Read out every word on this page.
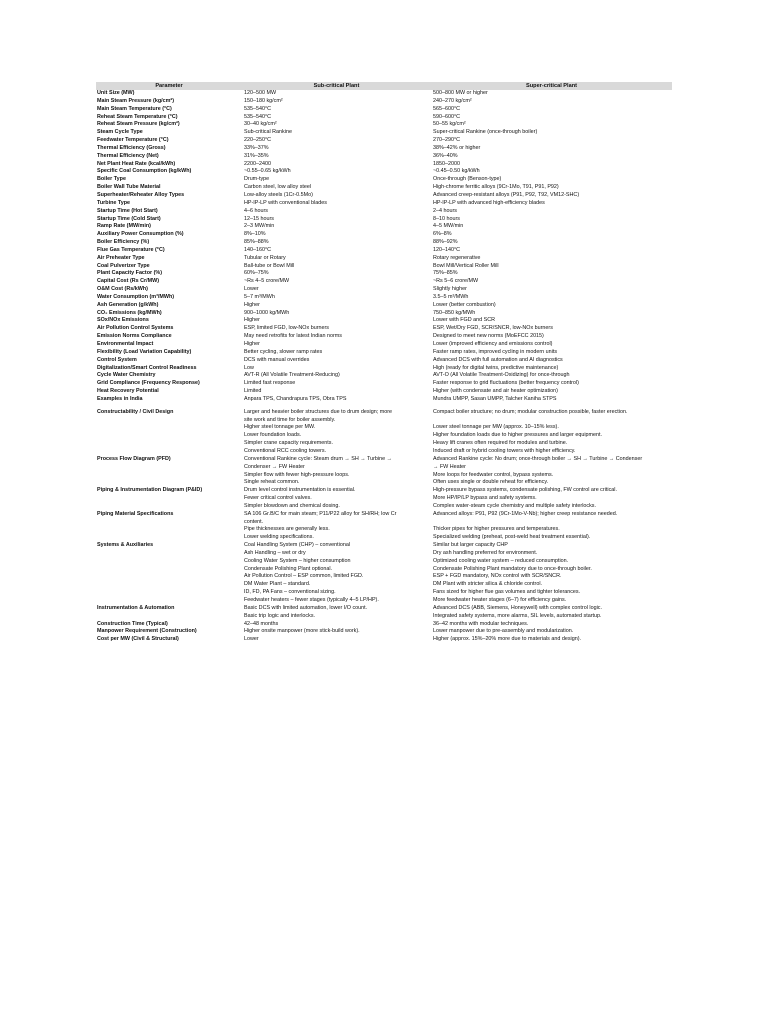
Parameter	Sub-critical Plant	Super-critical Plant
Unit Size (MW)	120–500 MW	500–800 MW or higher
Main Steam Pressure (kg/cm²)	150–180 kg/cm²	240–270 kg/cm²
Main Steam Temperature (°C)	535–540°C	565–600°C
Reheat Steam Temperature (°C)	535–540°C	590–600°C
Reheat Steam Pressure (kg/cm²)	30–40 kg/cm²	50–55 kg/cm²
Steam Cycle Type	Sub-critical Rankine	Super-critical Rankine (once-through boiler)
Feedwater Temperature (°C)	220–250°C	270–290°C
Thermal Efficiency (Gross)	33%–37%	38%–42% or higher
Thermal Efficiency (Net)	31%–35%	36%–40%
Net Plant Heat Rate (kcal/kWh)	2200–2400	1850–2000
Specific Coal Consumption (kg/kWh)	~0.55–0.65 kg/kWh	~0.45–0.50 kg/kWh
Boiler Type	Drum-type	Once-through (Benson-type)
Boiler Wall Tube Material	Carbon steel, low alloy steel	High-chrome ferritic alloys (9Cr-1Mo, T91, P91, P92)
Superheater/Reheater Alloy Types	Low-alloy steels (1Cr-0.5Mo)	Advanced creep-resistant alloys (P91, P92, T92, VM12-SHC)
Turbine Type	HP-IP-LP with conventional blades	HP-IP-LP with advanced high-efficiency blades
Startup Time (Hot Start)	4–6 hours	2–4 hours
Startup Time (Cold Start)	12–15 hours	8–10 hours
Ramp Rate (MW/min)	2–3 MW/min	4–5 MW/min
Auxiliary Power Consumption (%)	8%–10%	6%–8%
Boiler Efficiency (%)	85%–88%	88%–92%
Flue Gas Temperature (°C)	140–160°C	120–140°C
Air Preheater Type	Tubular or Rotary	Rotary regenerative
Coal Pulverizer Type	Ball-tube or Bowl Mill	Bowl Mill/Vertical Roller Mill
Plant Capacity Factor (%)	60%–75%	75%–85%
Capital Cost (Rs Cr/MW)	~Rs 4–5 crore/MW	~Rs 5–6 crore/MW
O&M Cost (Rs/kWh)	Lower	Slightly higher
Water Consumption (m³/MWh)	5–7 m³/MWh	3.5–5 m³/MWh
Ash Generation (g/kWh)	Higher	Lower (better combustion)
CO₂ Emissions (kg/MWh)	900–1000 kg/MWh	750–850 kg/MWh
SOx/NOx Emissions	Higher	Lower with FGD and SCR
Air Pollution Control Systems	ESP, limited FGD, low-NOx burners	ESP, Wet/Dry FGD, SCR/SNCR, low-NOx burners
Emission Norms Compliance	May need retrofits for latest Indian norms	Designed to meet new norms (MoEFCC 2015)
Environmental Impact	Higher	Lower (improved efficiency and emissions control)
Flexibility (Load Variation Capability)	Better cycling, slower ramp rates	Faster ramp rates, improved cycling in modern units
Control System	DCS with manual overrides	Advanced DCS with full automation and AI diagnostics
Digitalization/Smart Control Readiness	Low	High (ready for digital twins, predictive maintenance)
Cycle Water Chemistry	AVT-R (All Volatile Treatment-Reducing)	AVT-O (All Volatile Treatment-Oxidizing) for once-through
Grid Compliance (Frequency Response)	Limited fast response	Faster response to grid fluctuations (better frequency control)
Heat Recovery Potential	Limited	Higher (with condensate and air heater optimization)
Examples in India	Anpara TPS, Chandrapura TPS, Obra TPS	Mundra UMPP, Sasan UMPP, Talcher Kaniha STPS

Constructability / Civil Design	Larger and heavier boiler structures due to drum design; more	Compact boiler structure; no drum; modular construction possible, faster erection.
	site work and time for boiler assembly.	
	Higher steel tonnage per MW.	Lower steel tonnage per MW (approx. 10–15% less).
	Lower foundation loads.	Higher foundation loads due to higher pressures and larger equipment.
	Simpler crane capacity requirements.	Heavy lift cranes often required for modules and turbine.
	Conventional RCC cooling towers.	Induced draft or hybrid cooling towers with higher efficiency.
Process Flow Diagram (PFD)	Conventional Rankine cycle: Steam drum → SH → Turbine →	Advanced Rankine cycle: No drum; once-through boiler → SH → Turbine → Condenser
	Condenser → FW Heater	→ FW Heater
	Simpler flow with fewer high-pressure loops.	More loops for feedwater control, bypass systems.
	Single reheat common.	Often uses single or double reheat for efficiency.
Piping & Instrumentation Diagram (P&ID)	Drum level control instrumentation is essential.	High-pressure bypass systems, condensate polishing, FW control are critical.
	Fewer critical control valves.	More HP/IP/LP bypass and safety systems.
	Simpler blowdown and chemical dosing.	Complex water-steam cycle chemistry and multiple safety interlocks.
Piping Material Specifications	SA 106 Gr.B/C for main steam; P11/P22 alloy for SH/RH; low Cr	Advanced alloys: P91, P92 (9Cr-1Mo-V-Nb); higher creep resistance needed.
	content.	
	Pipe thicknesses are generally less.	Thicker pipes for higher pressures and temperatures.
	Lower welding specifications.	Specialized welding (preheat, post-weld heat treatment essential).
Systems & Auxiliaries	Coal Handling System (CHP) – conventional	Similar but larger capacity CHP
	Ash Handling – wet or dry	Dry ash handling preferred for environment.
	Cooling Water System – higher consumption	Optimized cooling water system – reduced consumption.
	Condensate Polishing Plant optional.	Condensate Polishing Plant mandatory due to once-through boiler.
	Air Pollution Control – ESP common, limited FGD.	ESP + FGD mandatory, NOx control with SCR/SNCR.
	DM Water Plant – standard.	DM Plant with stricter silica & chloride control.
	ID, FD, PA Fans – conventional sizing.	Fans sized for higher flue gas volumes and tighter tolerances.
	Feedwater heaters – fewer stages (typically 4–5 LP/HP).	More feedwater heater stages (6–7) for efficiency gains.
Instrumentation & Automation	Basic DCS with limited automation, lower I/O count.	Advanced DCS (ABB, Siemens, Honeywell) with complex control logic.
	Basic trip logic and interlocks.	Integrated safety systems, more alarms, SIL levels, automated startup.
Construction Time (Typical)	42–48 months	36–42 months with modular techniques.
Manpower Requirement (Construction)	Higher onsite manpower (more stick-build work).	Lower manpower due to pre-assembly and modularization.
Cost per MW (Civil & Structural)	Lower	Higher (approx. 15%–20% more due to materials and design).
